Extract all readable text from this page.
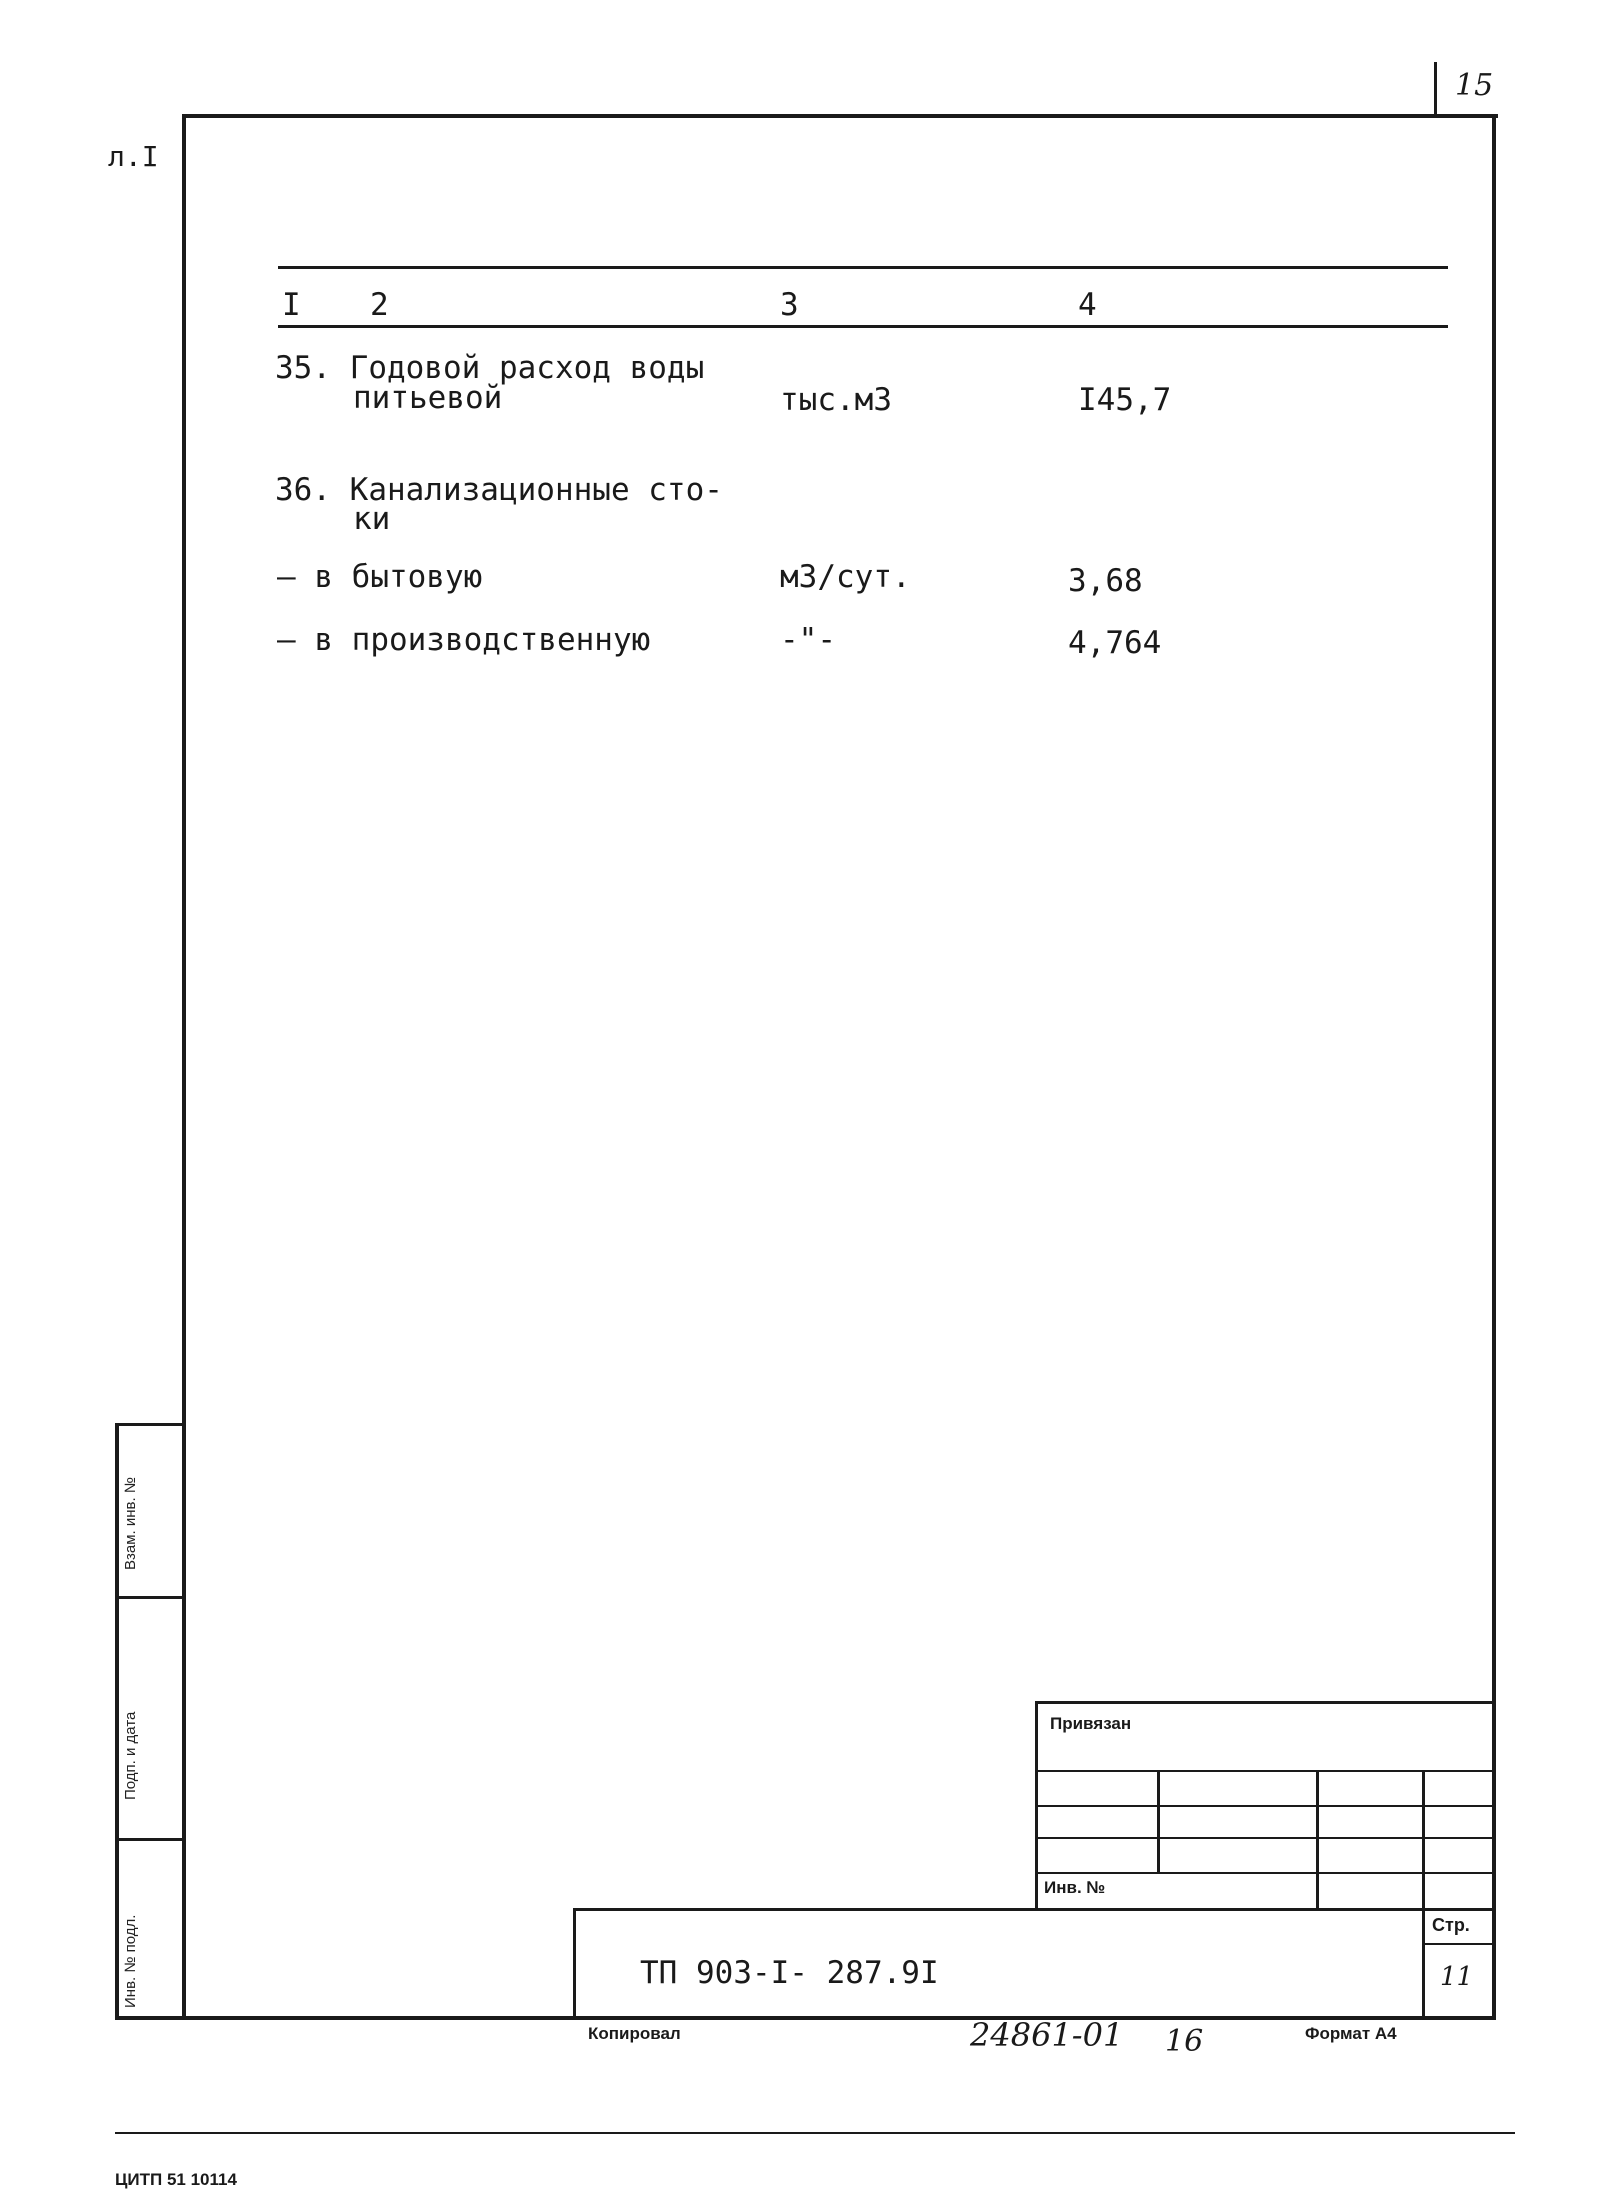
15
л.I
Взам. инв. №
Подп. и дата
Инв. № подл.
I 2	3	4
35. Годовой расход воды
питьевой	тыс.м3	I45,7
36. Канализационные сто-
ки
– в бытовую	м3/сут.	3,68
– в производственную	-"-	4,764
Привязан
Инв. №
ТП 903-I- 287.9I
Стр.
11
Копировал	24861-01 16	Формат А4
ЦИТП 51 10114
